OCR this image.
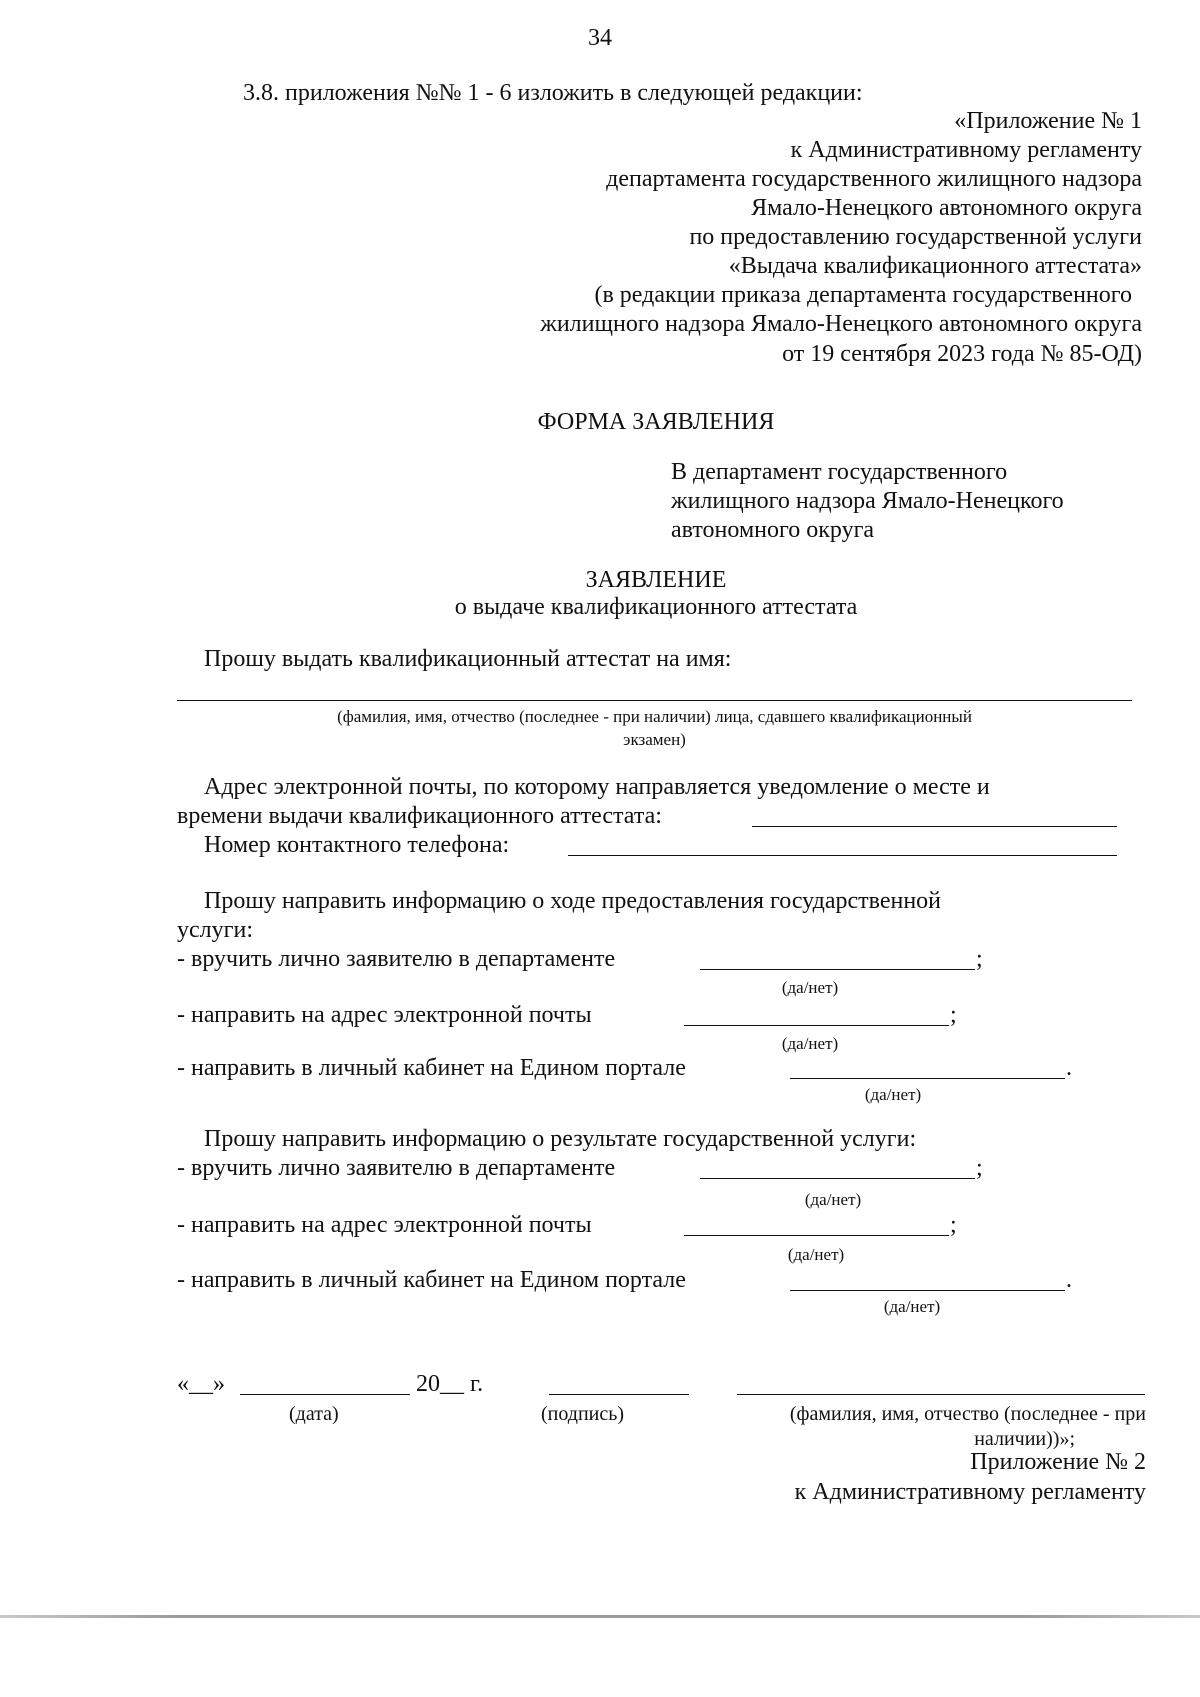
34
3.8. приложения №№ 1 - 6 изложить в следующей редакции:
«Приложение № 1
к Административному регламенту
департамента государственного жилищного надзора
Ямало-Ненецкого автономного округа
по предоставлению государственной услуги
«Выдача квалификационного аттестата»
(в редакции приказа департамента государственного
жилищного надзора Ямало-Ненецкого автономного округа
от 19 сентября 2023 года № 85-ОД)
ФОРМА ЗАЯВЛЕНИЯ
В департамент государственного
жилищного надзора Ямало-Ненецкого
автономного округа
ЗАЯВЛЕНИЕ
о выдаче квалификационного аттестата
Прошу выдать квалификационный аттестат на имя:
(фамилия, имя, отчество (последнее - при наличии) лица, сдавшего квалификационный
экзамен)
Адрес электронной почты, по которому направляется уведомление о месте и
времени выдачи квалификационного аттестата:
Номер контактного телефона:
Прошу направить информацию о ходе предоставления государственной
услуги:
- вручить лично заявителю в департаменте	;
(да/нет)
- направить на адрес электронной почты	;
(да/нет)
- направить в личный кабинет на Едином портале	.
(да/нет)
Прошу направить информацию о результате государственной услуги:
- вручить лично заявителю в департаменте	;
(да/нет)
- направить на адрес электронной почты	;
(да/нет)
- направить в личный кабинет на Едином портале	.
(да/нет)
«__»	20__ г.
(дата)	(подпись)	(фамилия, имя, отчество (последнее - при
наличии))»;
Приложение № 2
к Административному регламенту
